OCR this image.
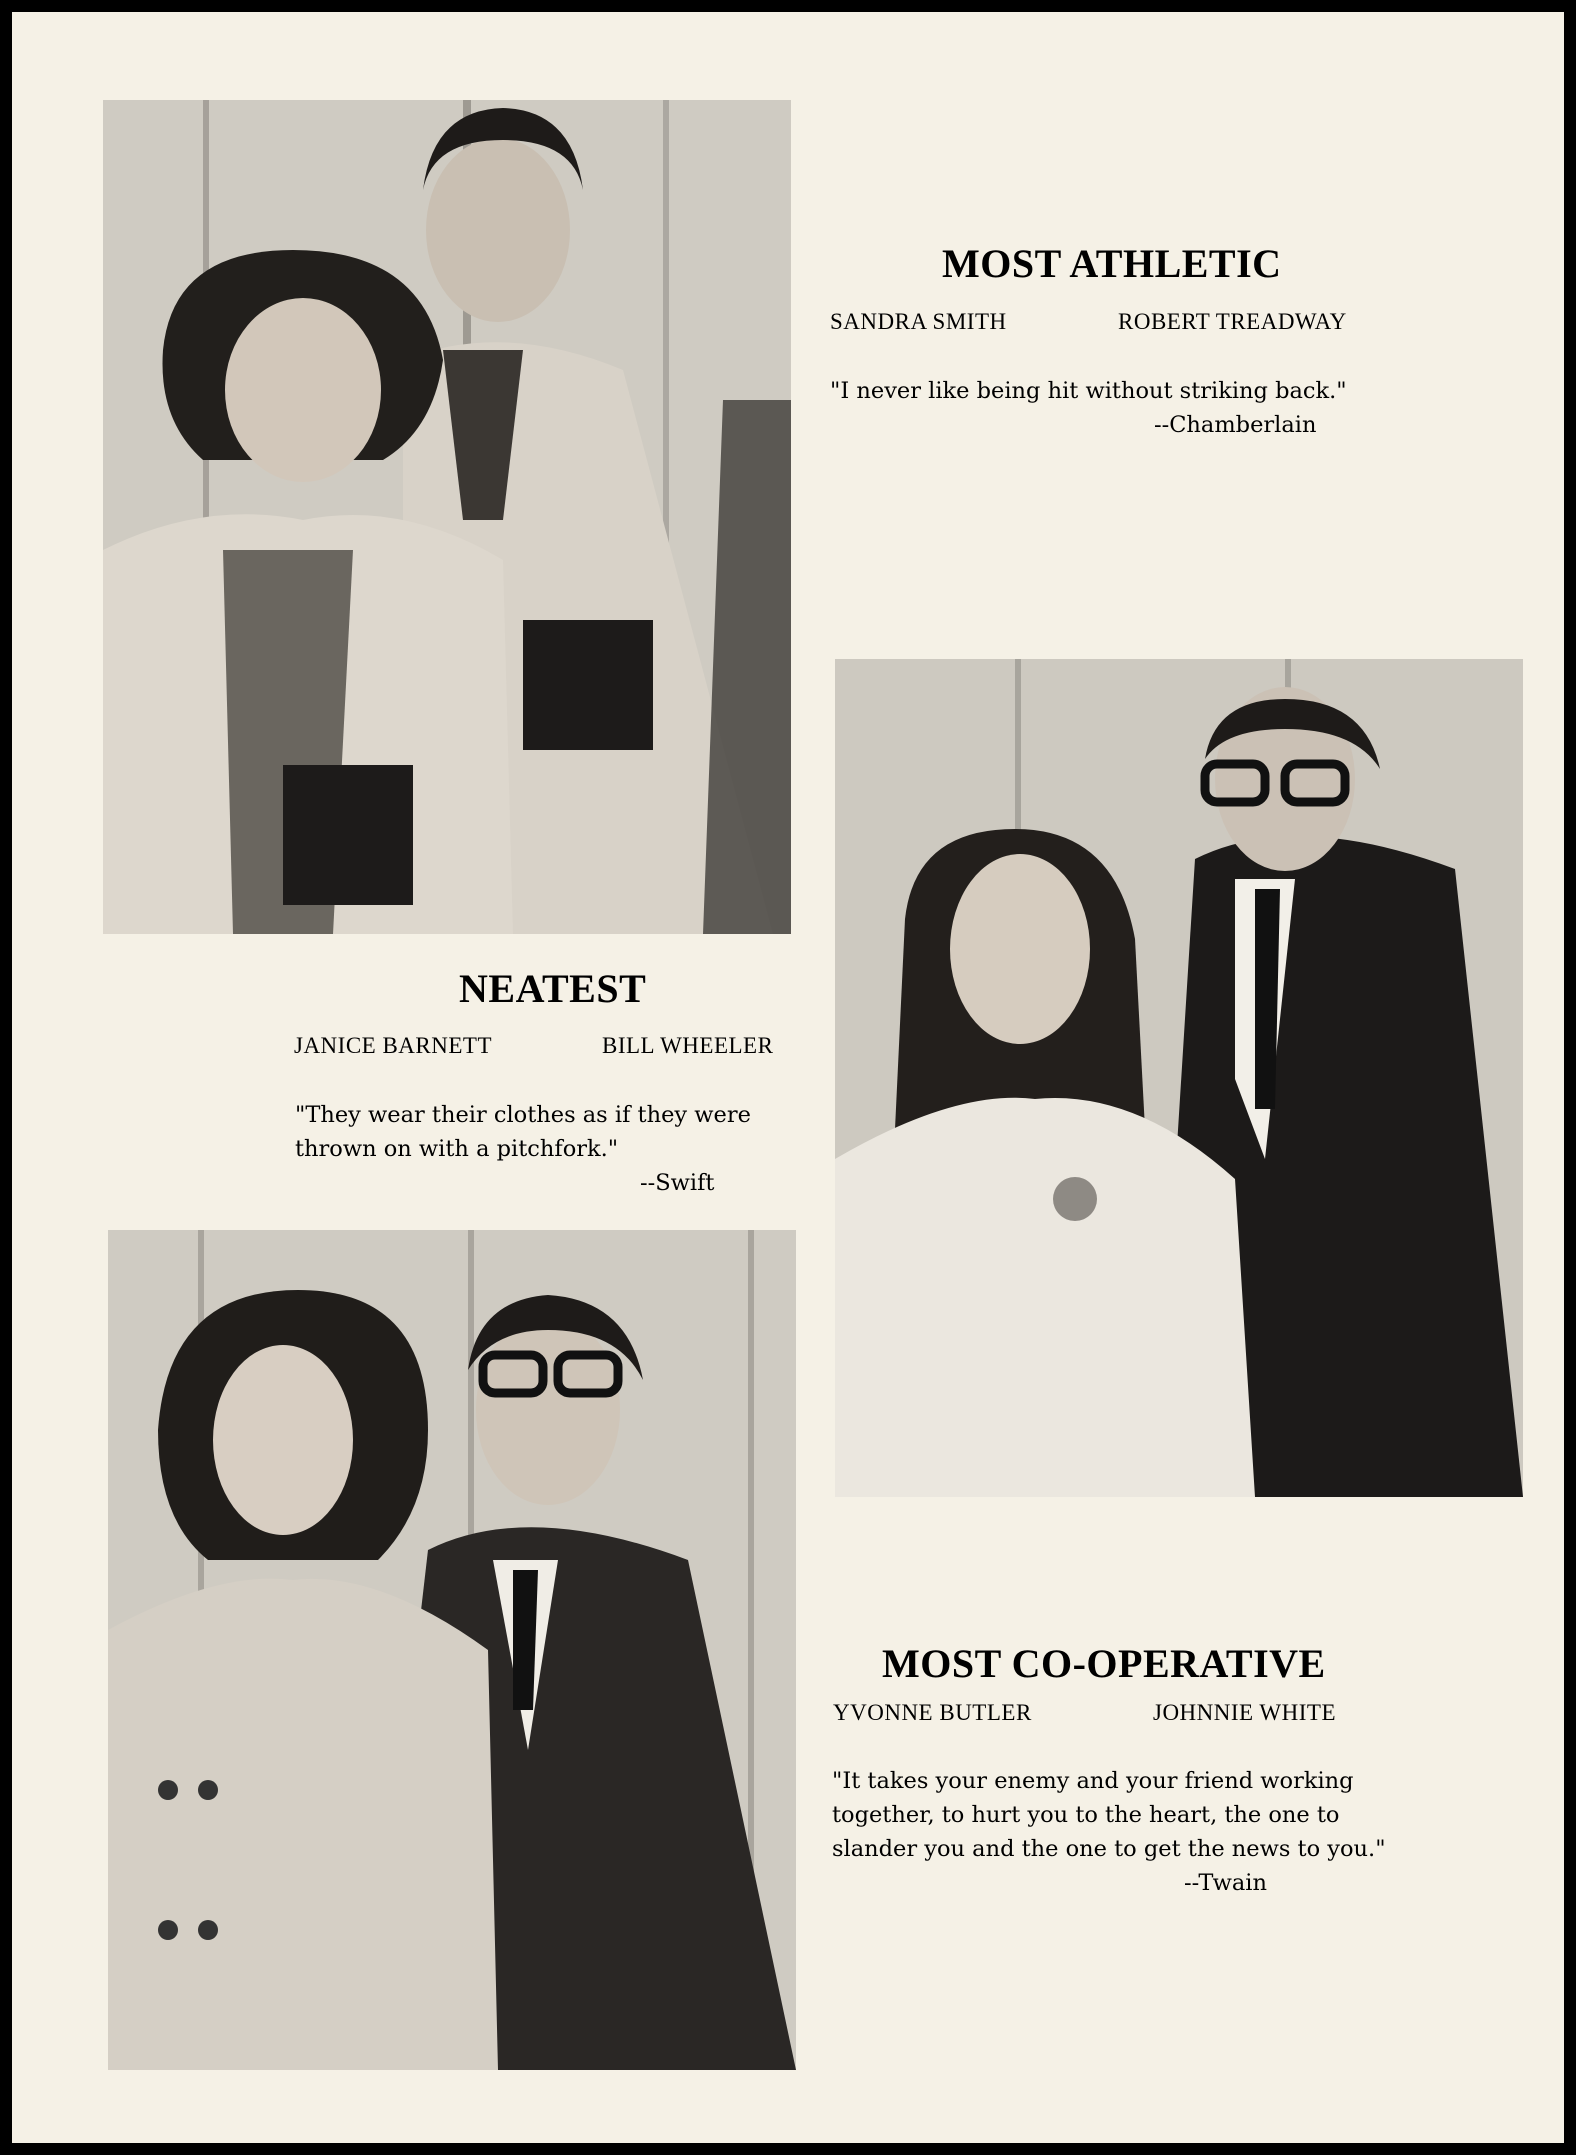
MOST ATHLETIC
SANDRA SMITH	ROBERT TREADWAY
"I never like being hit without striking back."
--Chamberlain
NEATEST
JANICE BARNETT	BILL WHEELER
"They wear their clothes as if they were
thrown on with a pitchfork."
--Swift
MOST CO-OPERATIVE
YVONNE BUTLER	JOHNNIE WHITE
"It takes your enemy and your friend working
together, to hurt you to the heart, the one to
slander you and the one to get the news to you."
--Twain
